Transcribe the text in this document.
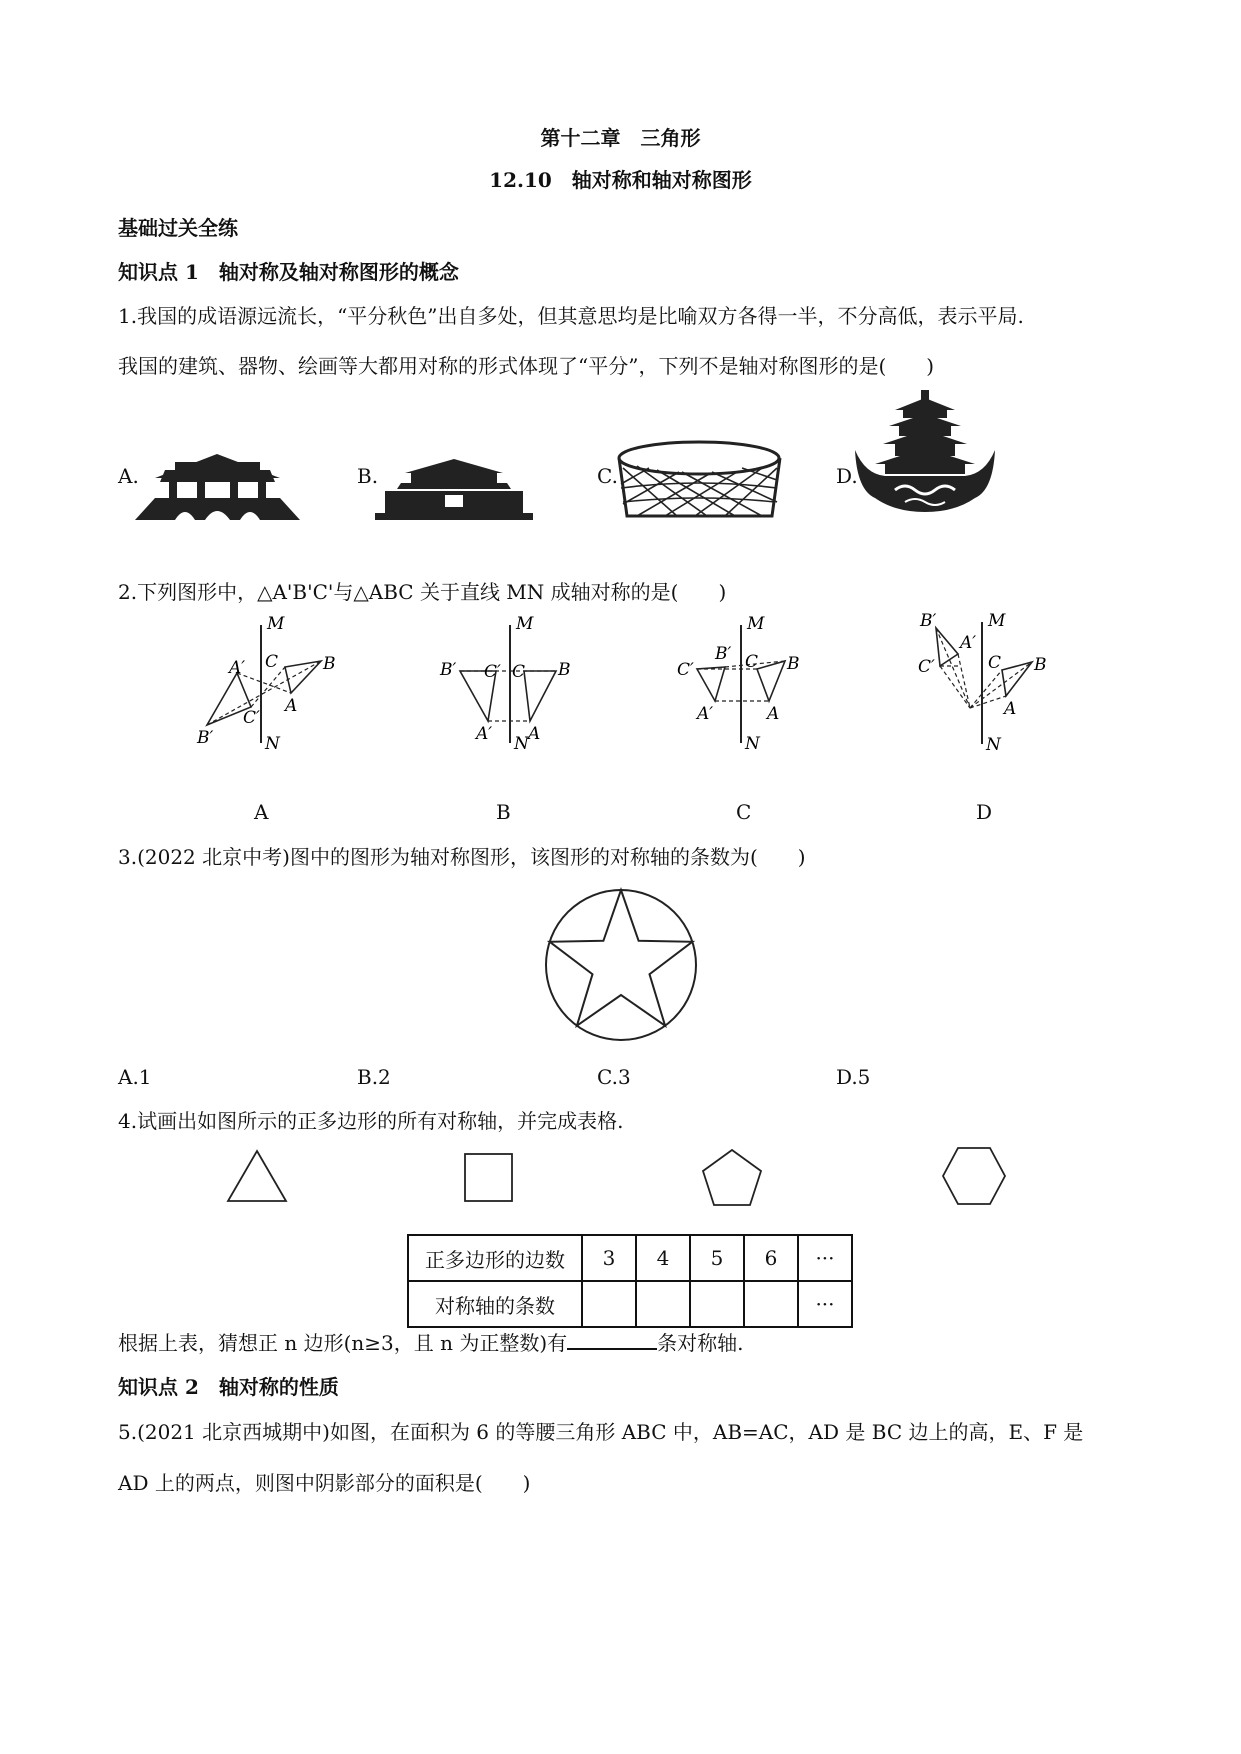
第十二章　三角形
12.10　轴对称和轴对称图形
基础过关全练
知识点 1　轴对称及轴对称图形的概念
1.我国的成语源远流长，“平分秋色”出自多处，但其意思均是比喻双方各得一半，不分高低，表示平局.
我国的建筑、器物、绘画等大都用对称的形式体现了“平分”，下列不是轴对称图形的是(　　)
A.	B.	C.	D.
2.下列图形中，△A'B'C'与△ABC 关于直线 MN 成轴对称的是(　　)
M
N
B
C
A
A′
C′
B′
M
N
B
C
A
B′ C′
A′
M
N
B
C
A
B′
C′
A′
M
N
B
C
A
B′
C′
A′
A	B	C	D
3.(2022 北京中考)图中的图形为轴对称图形，该图形的对称轴的条数为(　　)
A.1	B.2	C.3	D.5
4.试画出如图所示的正多边形的所有对称轴，并完成表格.
正多边形的边数	3	4	5	6	···
对称轴的条数					···
根据上表，猜想正 n 边形(n≥3，且 n 为正整数)有	条对称轴.
知识点 2　轴对称的性质
5.(2021 北京西城期中)如图，在面积为 6 的等腰三角形 ABC 中，AB=AC，AD 是 BC 边上的高，E、F 是
AD 上的两点，则图中阴影部分的面积是(　　)
